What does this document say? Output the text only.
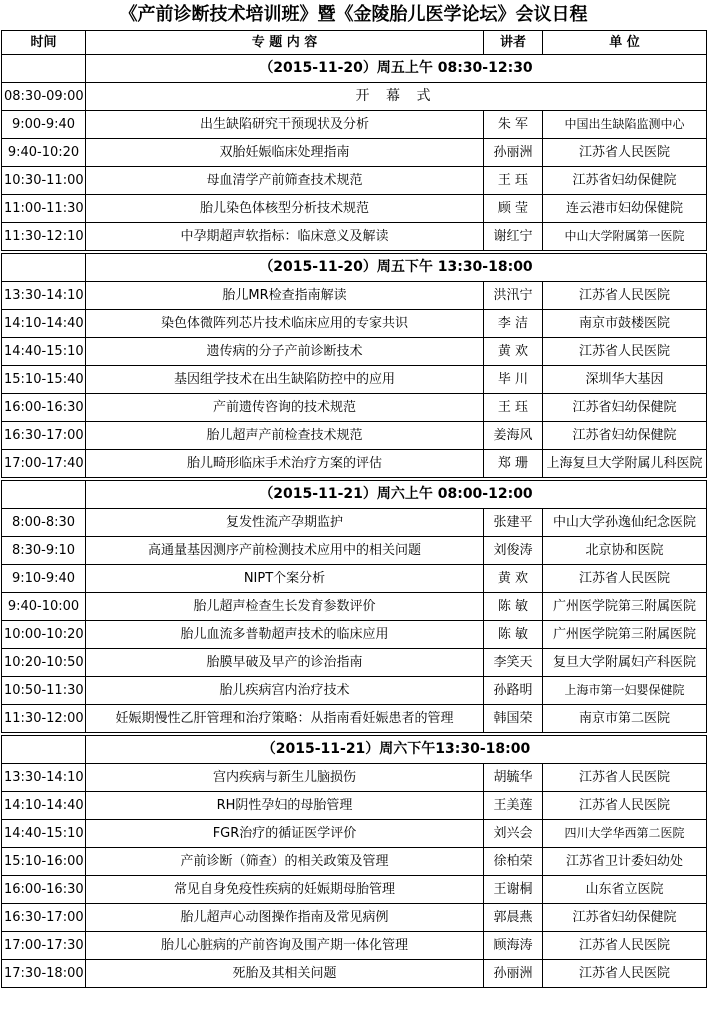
《产前诊断技术培训班》暨《金陵胎儿医学论坛》会议日程
时间	专 题 内 容	讲者	单 位
	（2015-11-20）周五上午 08:30-12:30		
08:30-09:00	开 幕 式		
9:00-9:40	出生缺陷研究干预现状及分析	朱 军	中国出生缺陷监测中心
9:40-10:20	双胎妊娠临床处理指南	孙丽洲	江苏省人民医院
10:30-11:00	母血清学产前筛查技术规范	王 珏	江苏省妇幼保健院
11:00-11:30	胎儿染色体核型分析技术规范	顾 莹	连云港市妇幼保健院
11:30-12:10	中孕期超声软指标：临床意义及解读	谢红宁	中山大学附属第一医院

	（2015-11-20）周五下午 13:30-18:00		
13:30-14:10	胎儿MR检查指南解读	洪汛宁	江苏省人民医院
14:10-14:40	染色体微阵列芯片技术临床应用的专家共识	李 洁	南京市鼓楼医院
14:40-15:10	遗传病的分子产前诊断技术	黄 欢	江苏省人民医院
15:10-15:40	基因组学技术在出生缺陷防控中的应用	毕 川	深圳华大基因
16:00-16:30	产前遗传咨询的技术规范	王 珏	江苏省妇幼保健院
16:30-17:00	胎儿超声产前检查技术规范	姜海风	江苏省妇幼保健院
17:00-17:40	胎儿畸形临床手术治疗方案的评估	郑 珊	上海复旦大学附属儿科医院

	（2015-11-21）周六上午 08:00-12:00		
8:00-8:30	复发性流产孕期监护	张建平	中山大学孙逸仙纪念医院
8:30-9:10	高通量基因测序产前检测技术应用中的相关问题	刘俊涛	北京协和医院
9:10-9:40	NIPT个案分析	黄 欢	江苏省人民医院
9:40-10:00	胎儿超声检查生长发育参数评价	陈 敏	广州医学院第三附属医院
10:00-10:20	胎儿血流多普勒超声技术的临床应用	陈 敏	广州医学院第三附属医院
10:20-10:50	胎膜早破及早产的诊治指南	李笑天	复旦大学附属妇产科医院
10:50-11:30	胎儿疾病宫内治疗技术	孙路明	上海市第一妇婴保健院
11:30-12:00	妊娠期慢性乙肝管理和治疗策略：从指南看妊娠患者的管理	韩国荣	南京市第二医院

	（2015-11-21）周六下午13:30-18:00		
13:30-14:10	宫内疾病与新生儿脑损伤	胡毓华	江苏省人民医院
14:10-14:40	RH阴性孕妇的母胎管理	王美莲	江苏省人民医院
14:40-15:10	FGR治疗的循证医学评价	刘兴会	四川大学华西第二医院
15:10-16:00	产前诊断（筛查）的相关政策及管理	徐柏荣	江苏省卫计委妇幼处
16:00-16:30	常见自身免疫性疾病的妊娠期母胎管理	王谢桐	山东省立医院
16:30-17:00	胎儿超声心动图操作指南及常见病例	郭晨燕	江苏省妇幼保健院
17:00-17:30	胎儿心脏病的产前咨询及围产期一体化管理	顾海涛	江苏省人民医院
17:30-18:00	死胎及其相关问题	孙丽洲	江苏省人民医院
